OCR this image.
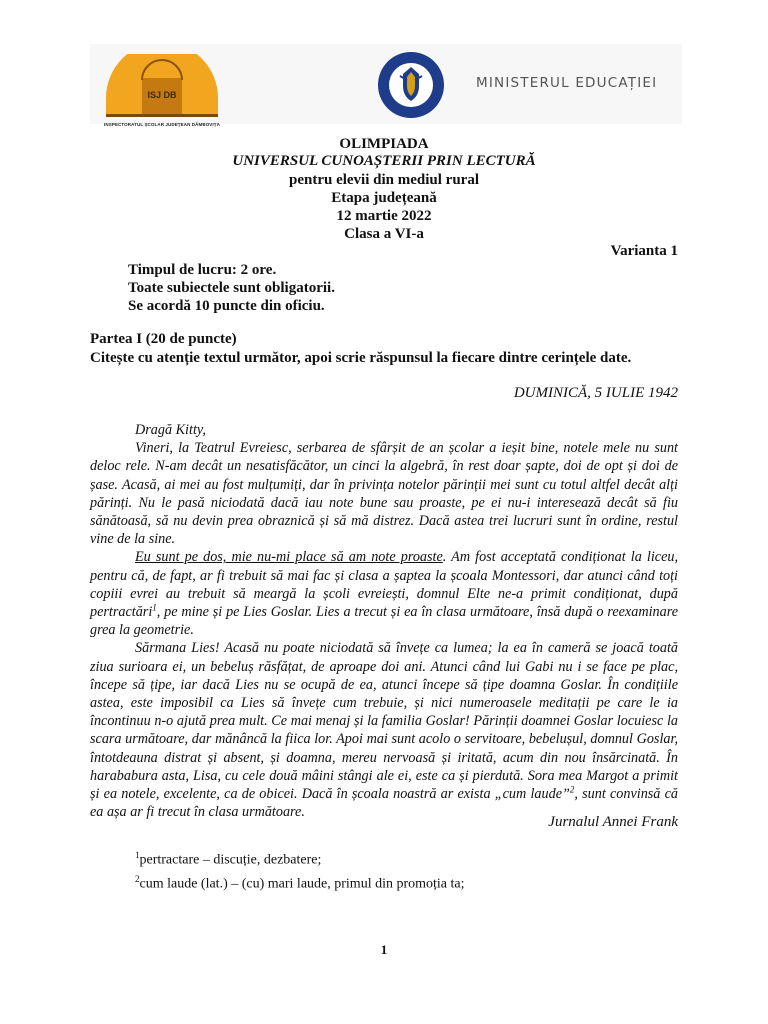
ISJ DB
INSPECTORATUL ȘCOLAR JUDEȚEAN DÂMBOVIȚA
MINISTERUL EDUCAȚIEI
OLIMPIADA
UNIVERSUL CUNOAȘTERII PRIN LECTURĂ
pentru elevii din mediul rural
Etapa județeană
12 martie 2022
Clasa a VI-a
Varianta 1
Timpul de lucru: 2 ore.
Toate subiectele sunt obligatorii.
Se acordă 10 puncte din oficiu.
Partea I (20 de puncte)
Citește cu atenție textul următor, apoi scrie răspunsul la fiecare dintre cerințele date.
DUMINICĂ, 5 IULIE 1942

Dragă Kitty,

Vineri, la Teatrul Evreiesc, serbarea de sfârșit de an școlar a ieșit bine, notele mele nu sunt deloc rele. N-am decât un nesatisfăcător, un cinci la algebră, în rest doar șapte, doi de opt și doi de șase. Acasă, ai mei au fost mulțumiți, dar în privința notelor părinții mei sunt cu totul altfel decât alți părinți. Nu le pasă niciodată dacă iau note bune sau proaste, pe ei nu-i interesează decât să fiu sănătoasă, să nu devin prea obraznică și să mă distrez. Dacă astea trei lucruri sunt în ordine, restul vine de la sine.

Eu sunt pe dos, mie nu-mi place să am note proaste. Am fost acceptată condiționat la liceu, pentru că, de fapt, ar fi trebuit să mai fac și clasa a șaptea la școala Montessori, dar atunci când toți copiii evrei au trebuit să meargă la școli evreiești, domnul Elte ne-a primit condiționat, după pertractări$^1$, pe mine și pe Lies Goslar. Lies a trecut și ea în clasa următoare, însă după o reexaminare grea la geometrie.

Sărmana Lies! Acasă nu poate niciodată să învețe ca lumea; la ea în cameră se joacă toată ziua surioara ei, un bebeluș răsfățat, de aproape doi ani. Atunci când lui Gabi nu i se face pe plac, începe să țipe, iar dacă Lies nu se ocupă de ea, atunci începe să țipe doamna Goslar. În condițiile astea, este imposibil ca Lies să învețe cum trebuie, și nici numeroasele meditații pe care le ia încontinuu n-o ajută prea mult. Ce mai menaj și la familia Goslar! Părinții doamnei Goslar locuiesc la scara următoare, dar mănâncă la fiica lor. Apoi mai sunt acolo o servitoare, bebelușul, domnul Goslar, întotdeauna distrat și absent, și doamna, mereu nervoasă și iritată, acum din nou însărcinată. În harababura asta, Lisa, cu cele două mâini stângi ale ei, este ca și pierdută. Sora mea Margot a primit și ea notele, excelente, ca de obicei. Dacă în școala noastră ar exista „cum laude”$^2$, sunt convinsă că ea așa ar fi trecut în clasa următoare.

Jurnalul Annei Frank
$^1$pertractare – discuție, dezbatere;
$^2$cum laude (lat.) – (cu) mari laude, primul din promoția ta;
1
